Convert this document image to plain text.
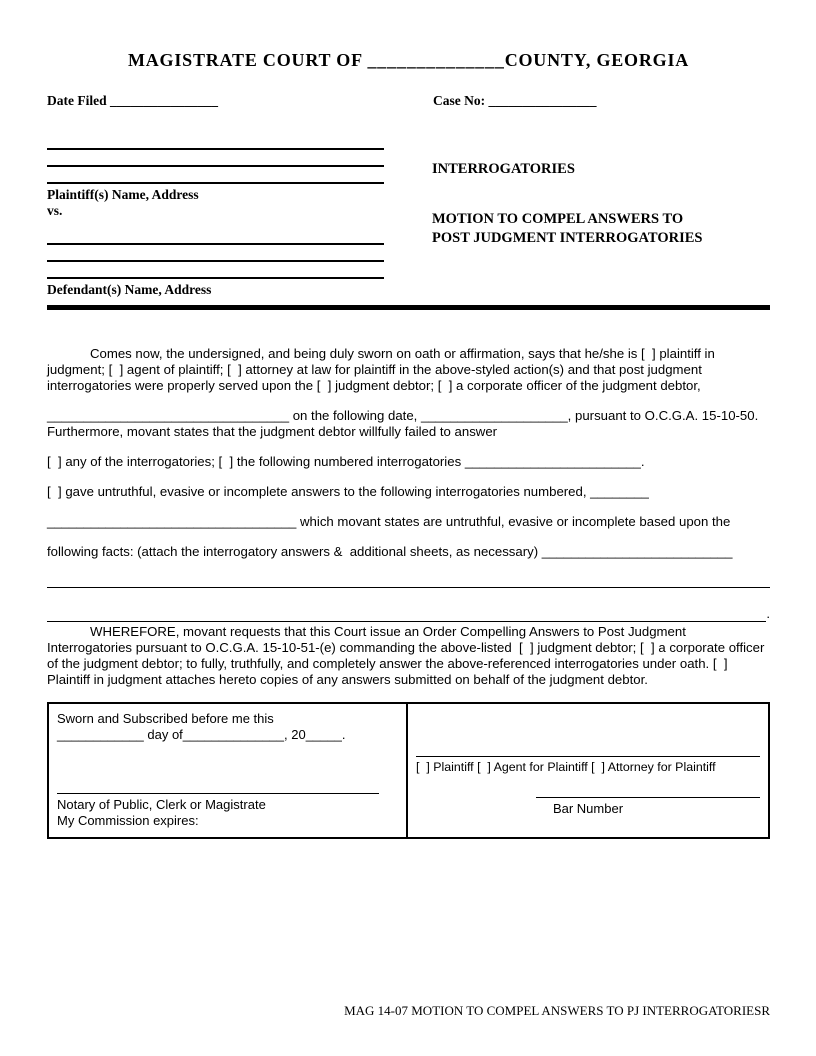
MAGISTRATE COURT OF ______________COUNTY, GEORGIA
Date Filed ________________	Case No: ________________
Plaintiff(s) Name, Address
vs.
Defendant(s) Name, Address
INTERROGATORIES
MOTION TO COMPEL ANSWERS TO
POST JUDGMENT INTERROGATORIES

Comes now, the undersigned, and being duly sworn on oath or affirmation, says that he/she is [  ] plaintiff in judgment; [  ] agent of plaintiff; [  ] attorney at law for plaintiff in the above-styled action(s) and that post judgment interrogatories were properly served upon the [  ] judgment debtor; [  ] a corporate officer of the judgment debtor,

_________________________________ on the following date, ____________________, pursuant to O.C.G.A. 15-10-50. Furthermore, movant states that the judgment debtor willfully failed to answer

[  ] any of the interrogatories; [  ] the following numbered interrogatories ________________________.

[  ] gave untruthful, evasive or incomplete answers to the following interrogatories numbered, ________

__________________________________ which movant states are untruthful, evasive or incomplete based upon the

following facts: (attach the interrogatory answers &  additional sheets, as necessary) __________________________

.

WHEREFORE, movant requests that this Court issue an Order Compelling Answers to Post Judgment Interrogatories pursuant to O.C.G.A. 15-10-51-(e) commanding the above-listed  [  ] judgment debtor; [  ] a corporate officer of the judgment debtor; to fully, truthfully, and completely answer the above-referenced interrogatories under oath. [  ] Plaintiff in judgment attaches hereto copies of any answers submitted on behalf of the judgment debtor.

Sworn and Subscribed before me this
____________ day of______________, 20_____.
Notary of Public, Clerk or Magistrate
My Commission expires:
[  ] Plaintiff [  ] Agent for Plaintiff [  ] Attorney for Plaintiff
Bar Number
MAG 14-07 MOTION TO COMPEL ANSWERS TO PJ INTERROGATORIESR
